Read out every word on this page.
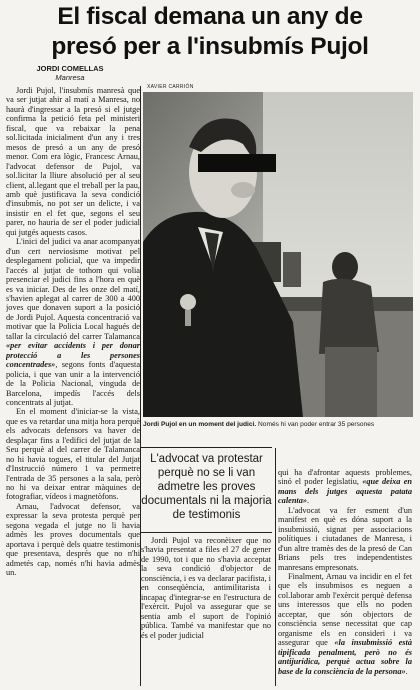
El fiscal demana un any de
presó per a l'insubmís Pujol
JORDI COMELLAS
Manresa

Jordi Pujol, l'insubmís manresà que va ser jutjat ahir al matí a Manresa, no haurà d'ingressar a la presó si el jutge confirma la petició feta pel ministeri fiscal, que va rebaixar la pena sol.licitada inicialment d'un any i tres mesos de presó a un any de presó menor. Com era lògic, Francesc Arnau, l'advocat defensor de Pujol, va sol.licitar la lliure absolució per al seu client, al.legant que el treball per la pau, amb què justificava la seva condició d'insubmís, no pot ser un delicte, i va insistir en el fet que, segons el seu parer, no hauria de ser el poder judicial qui jutgés aquests casos.

L'inici del judici va anar acompanyat d'un cert nerviosisme motivat pel desplegament policial, que va impedir l'accés al jutjat de tothom qui volia presenciar el judici fins a l'hora en què es va iniciar. Des de les onze del matí, s'havien aplegat al carrer de 300 a 400 joves que donaven suport a la posició de Jordi Pujol. Aquesta concentració va motivar que la Policia Local hagués de tallar la circulació del carrer Talamanca «per evitar accidents i per donar protecció a les persones concentrades», segons fonts d'aquesta policia, i que van unir a la intervenció de la Policia Nacional, vinguda de Barcelona, impedís l'accés dels concentrats al jutjat.

En el moment d'iniciar-se la vista, que es va retardar una mitja hora perquè els advocats defensors va haver de desplaçar fins a l'edifici del jutjat de la Seu perquè al del carrer de Talamanca no hi havia togues, el titular del Jutjat d'Instrucció número 1 va permetre l'entrada de 35 persones a la sala, però no hi va deixar entrar màquines de fotografiar, vídeos i magnetòfons.

Arnau, l'advocat defensor, va expressar la seva protesta perquè per segona vegada el jutge no li havia admès les proves documentals que aportava i perquè dels quatre testimonis que presentava, després que no n'hi admetés cap, només n'hi havia admès un.

XAVIER CARRIÓN
Jordi Pujol en un moment del judici. Només hi van poder entrar 35 persones
L'advocat va protestar perquè no se li van admetre les proves documentals ni la majoria de testimonis

Jordi Pujol va reconèixer que no s'havia presentat a files el 27 de gener de 1990, tot i que no s'havia acceptat la seva condició d'objector de consciència, i es va declarar pacifista, i en conseqüència, antimilitarista i incapaç d'integrar-se en l'estructura de l'exèrcit. Pujol va assegurar que se sentia amb el suport de l'opinió pública. També va manifestar que no és el poder judicial

qui ha d'afrontar aquests problemes, sinó el poder legislatiu, «que deixa en mans dels jutges aquesta patata calenta».

L'advocat va fer esment d'un manifest en què es dóna suport a la insubmissió, signat per associacions polítiques i ciutadanes de Manresa, i d'un altre tramès des de la presó de Can Brians pels tres independentistes manresans empresonats.

Finalment, Arnau va incidir en el fet que els insubmisos es neguen a col.laborar amb l'exèrcit perquè defensa uns interessos que ells no poden acceptar, que són objectors de consciència sense necessitat que cap organisme els en consideri i va assegurar que «la insubmissió està tipificada penalment, però no és antijurídica, perquè actua sobre la base de la consciència de la persona».
